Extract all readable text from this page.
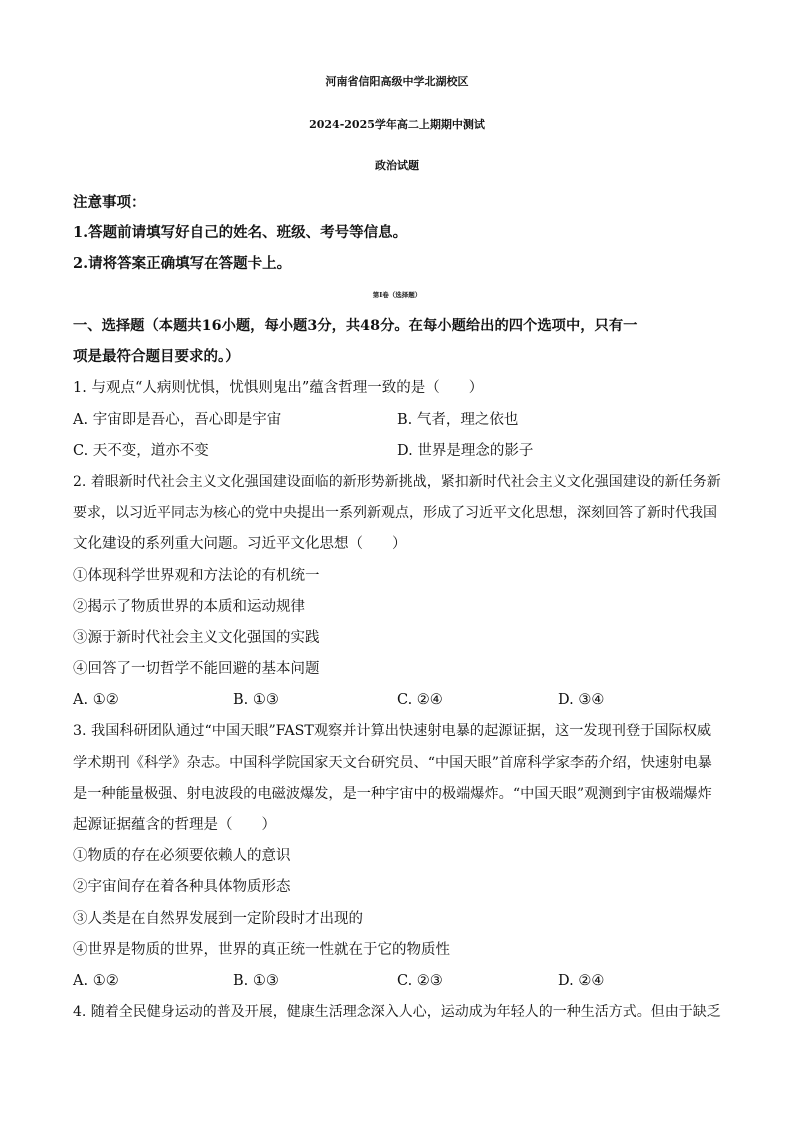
河南省信阳高级中学北湖校区
2024-2025学年高二上期期中测试
政治试题
注意事项：
1.答题前请填写好自己的姓名、班级、考号等信息。
2.请将答案正确填写在答题卡上。
第Ⅰ卷（选择题）
一、选择题（本题共16小题，每小题3分，共48分。在每小题给出的四个选项中，只有一
项是最符合题目要求的。）
1. 与观点“人病则忧惧，忧惧则鬼出”蕴含哲理一致的是（　　）
A. 宇宙即是吾心，吾心即是宇宙	B. 气者，理之依也
C. 天不变，道亦不变	D. 世界是理念的影子
2. 着眼新时代社会主义文化强国建设面临的新形势新挑战，紧扣新时代社会主义文化强国建设的新任务新
要求，以习近平同志为核心的党中央提出一系列新观点，形成了习近平文化思想，深刻回答了新时代我国
文化建设的系列重大问题。习近平文化思想（　　）
①体现科学世界观和方法论的有机统一
②揭示了物质世界的本质和运动规律
③源于新时代社会主义文化强国的实践
④回答了一切哲学不能回避的基本问题
A. ①②	B. ①③	C. ②④	D. ③④
3. 我国科研团队通过“中国天眼”FAST观察并计算出快速射电暴的起源证据，这一发现刊登于国际权威
学术期刊《科学》杂志。中国科学院国家天文台研究员、“中国天眼”首席科学家李菂介绍，快速射电暴
是一种能量极强、射电波段的电磁波爆发，是一种宇宙中的极端爆炸。“中国天眼”观测到宇宙极端爆炸
起源证据蕴含的哲理是（　　）
①物质的存在必须要依赖人的意识
②宇宙间存在着各种具体物质形态
③人类是在自然界发展到一定阶段时才出现的
④世界是物质的世界，世界的真正统一性就在于它的物质性
A. ①②	B. ①③	C. ②③	D. ②④
4. 随着全民健身运动的普及开展，健康生活理念深入人心，运动成为年轻人的一种生活方式。但由于缺乏
